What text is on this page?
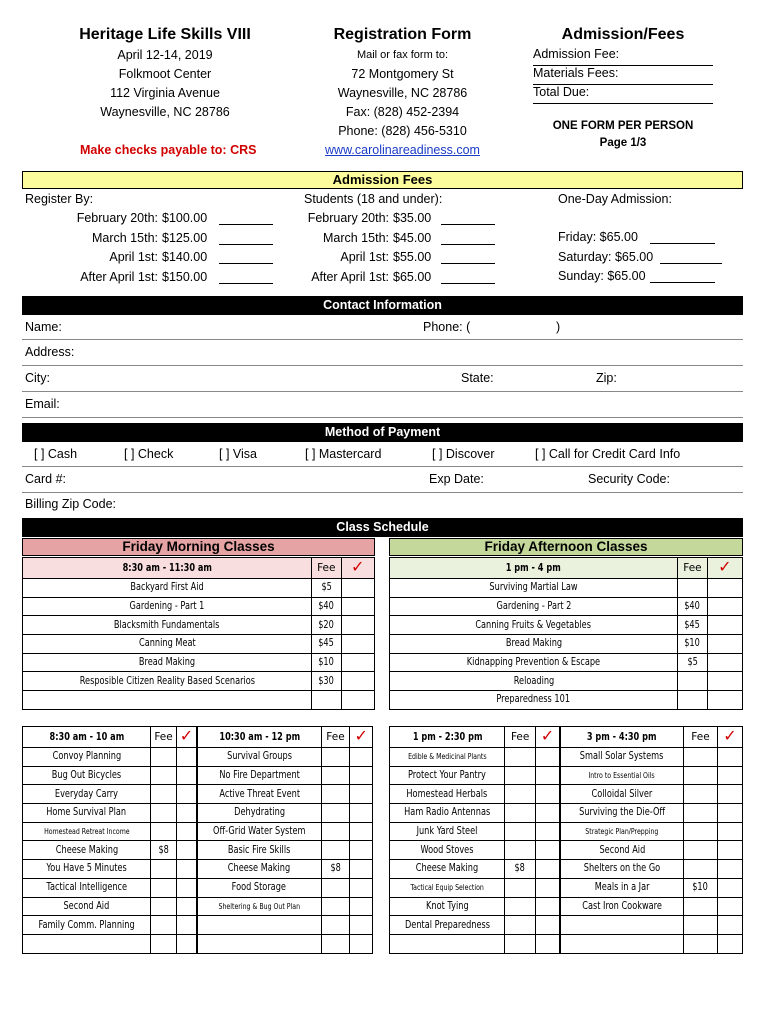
Heritage Life Skills VIII
April 12-14, 2019
Folkmoot Center
112 Virginia Avenue
Waynesville, NC 28786
Make checks payable to: CRS
Registration Form
Mail or fax form to:
72 Montgomery St
Waynesville, NC 28786
Fax: (828) 452-2394
Phone: (828) 456-5310
www.carolinareadiness.com
Admission/Fees
Admission Fee:
Materials Fees:
Total Due:
ONE FORM PER PERSON
Page 1/3
Admission Fees
Register By:
February 20th: $100.00
March 15th: $125.00
April 1st: $140.00
After April 1st: $150.00
Students (18 and under):
February 20th: $35.00
March 15th: $45.00
April 1st: $55.00
After April 1st: $65.00
One-Day Admission:
Friday: $65.00
Saturday: $65.00
Sunday: $65.00
Contact Information
Name:	Phone: (	)
Address:
City:	State:	Zip:
Email:
Method of Payment
[ ] Cash	[ ] Check	[ ] Visa	[ ] Mastercard	[ ] Discover	[ ] Call for Credit Card Info
Card #:	Exp Date:	Security Code:
Billing Zip Code:
Class Schedule
Friday Morning Classes
8:30 am - 11:30 am	Fee	✓
Backyard First Aid	$5	
Gardening - Part 1	$40	
Blacksmith Fundamentals	$20	
Canning Meat	$45	
Bread Making	$10	
Resposible Citizen Reality Based Scenarios	$30	

Friday Afternoon Classes
1 pm - 4 pm	Fee	✓
Surviving Martial Law		
Gardening - Part 2	$40	
Canning Fruits & Vegetables	$45	
Bread Making	$10	
Kidnapping Prevention & Escape	$5	
Reloading		
Preparedness 101		
8:30 am - 10 am	Fee	✓
Convoy Planning		
Bug Out Bicycles		
Everyday Carry		
Home Survival Plan		
Homestead Retreat Income		
Cheese Making	$8	
You Have 5 Minutes		
Tactical Intelligence		
Second Aid		
Family Comm. Planning		

10:30 am - 12 pm	Fee	✓
Survival Groups		
No Fire Department		
Active Threat Event		
Dehydrating		
Off-Grid Water System		
Basic Fire Skills		
Cheese Making	$8	
Food Storage		
Sheltering & Bug Out Plan		

1 pm - 2:30 pm	Fee	✓
Edible & Medicinal Plants		
Protect Your Pantry		
Homestead Herbals		
Ham Radio Antennas		
Junk Yard Steel		
Wood Stoves		
Cheese Making	$8	
Tactical Equip Selection		
Knot Tying		
Dental Preparedness		

3 pm - 4:30 pm	Fee	✓
Small Solar Systems		
Intro to Essential Oils		
Colloidal Silver		
Surviving the Die-Off		
Strategic Plan/Prepping		
Second Aid		
Shelters on the Go		
Meals in a Jar	$10	
Cast Iron Cookware		
